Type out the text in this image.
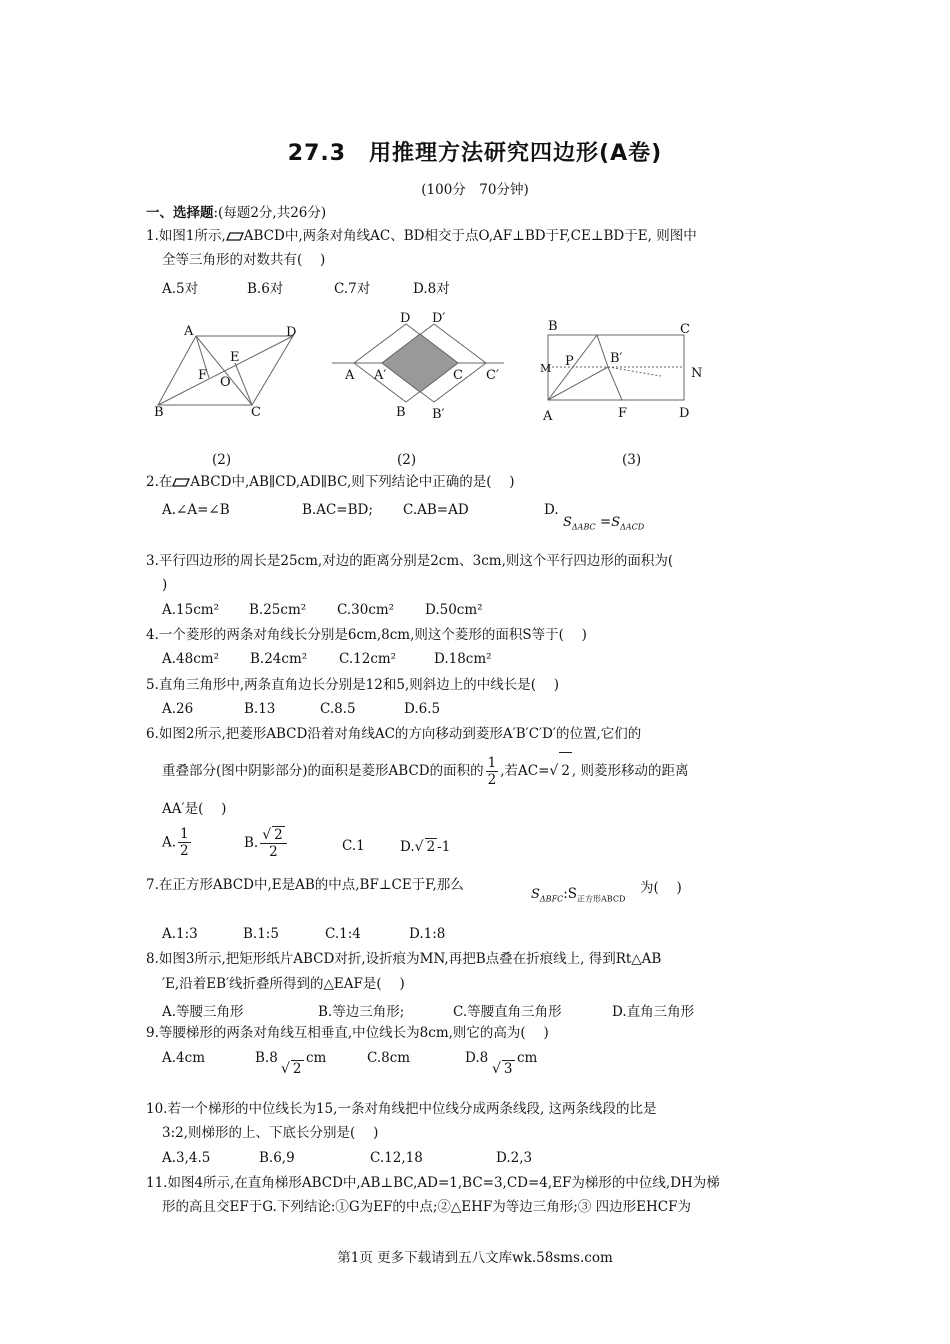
27.3　用推理方法研究四边形(A卷)
(100分　70分钟)
一、选择题:(每题2分,共26分)
1.如图1所示, ABCD中,两条对角线AC、BD相交于点O,AF⊥BD于F,CE⊥BD于E, 则图中
全等三角形的对数共有(　 )
A.5对	B.6对	C.7对	D.8对
A	D
E
F O
B	C
D D′
A A′	C C′
B B′
B	C
P	B′
M	N
A	F	D
(2)	(2)	(3)
2.在 ABCD中,AB∥CD,AD∥BC,则下列结论中正确的是(　 )
A.∠A=∠B	B.AC=BD; C.AB=AD	D.
$S_{\Delta ABC} =S_{\Delta ACD}$
3.平行四边形的周长是25cm,对边的距离分别是2cm、3cm,则这个平行四边形的面积为(
)
A.15cm² B.25cm² C.30cm² D.50cm²
4.一个菱形的两条对角线长分别是6cm,8cm,则这个菱形的面积S等于(　 )
A.48cm² B.24cm² C.12cm²	D.18cm²
5.直角三角形中,两条直角边长分别是12和5,则斜边上的中线长是(　 )
A.26	B.13	C.8.5	D.6.5
6.如图2所示,把菱形ABCD沿着对角线AC的方向移动到菱形A′B′C′D′的位置,它们的
重叠部分(图中阴影部分)的面积是菱形ABCD的面积的 $\frac{1}{2}$ ,若AC=√ 2 , 则菱形移动的距离
AA′是(　 )
A. $\frac{1}{2}$	B. $\frac{√ 2}{2}$	C.1	D.√ 2 -1
7.在正方形ABCD中,E是AB的中点,BF⊥CE于F,那么
$S_{\Delta BFC}:S_{正方形ABCD}$
为(　 )
A.1:3	B.1:5	C.1:4	D.1:8
8.如图3所示,把矩形纸片ABCD对折,设折痕为MN,再把B点叠在折痕线上, 得到Rt△AB
′E,沿着EB′线折叠所得到的△EAF是(　 )
A.等腰三角形	B.等边三角形;	C.等腰直角三角形	D.直角三角形
9.等腰梯形的两条对角线互相垂直,中位线长为8cm,则它的高为(　 )
A.4cm	B.8
√ 2
cm	C.8cm	D.8
√ 3
cm
10.若一个梯形的中位线长为15,一条对角线把中位线分成两条线段, 这两条线段的比是
3:2,则梯形的上、下底长分别是(　 )
A.3,4.5	B.6,9	C.12,18	D.2,3
11.如图4所示,在直角梯形ABCD中,AB⊥BC,AD=1,BC=3,CD=4,EF为梯形的中位线,DH为梯
形的高且交EF于G.下列结论:①G为EF的中点;②△EHF为等边三角形;③ 四边形EHCF为
第1页 更多下载请到五八文库wk.58sms.com
